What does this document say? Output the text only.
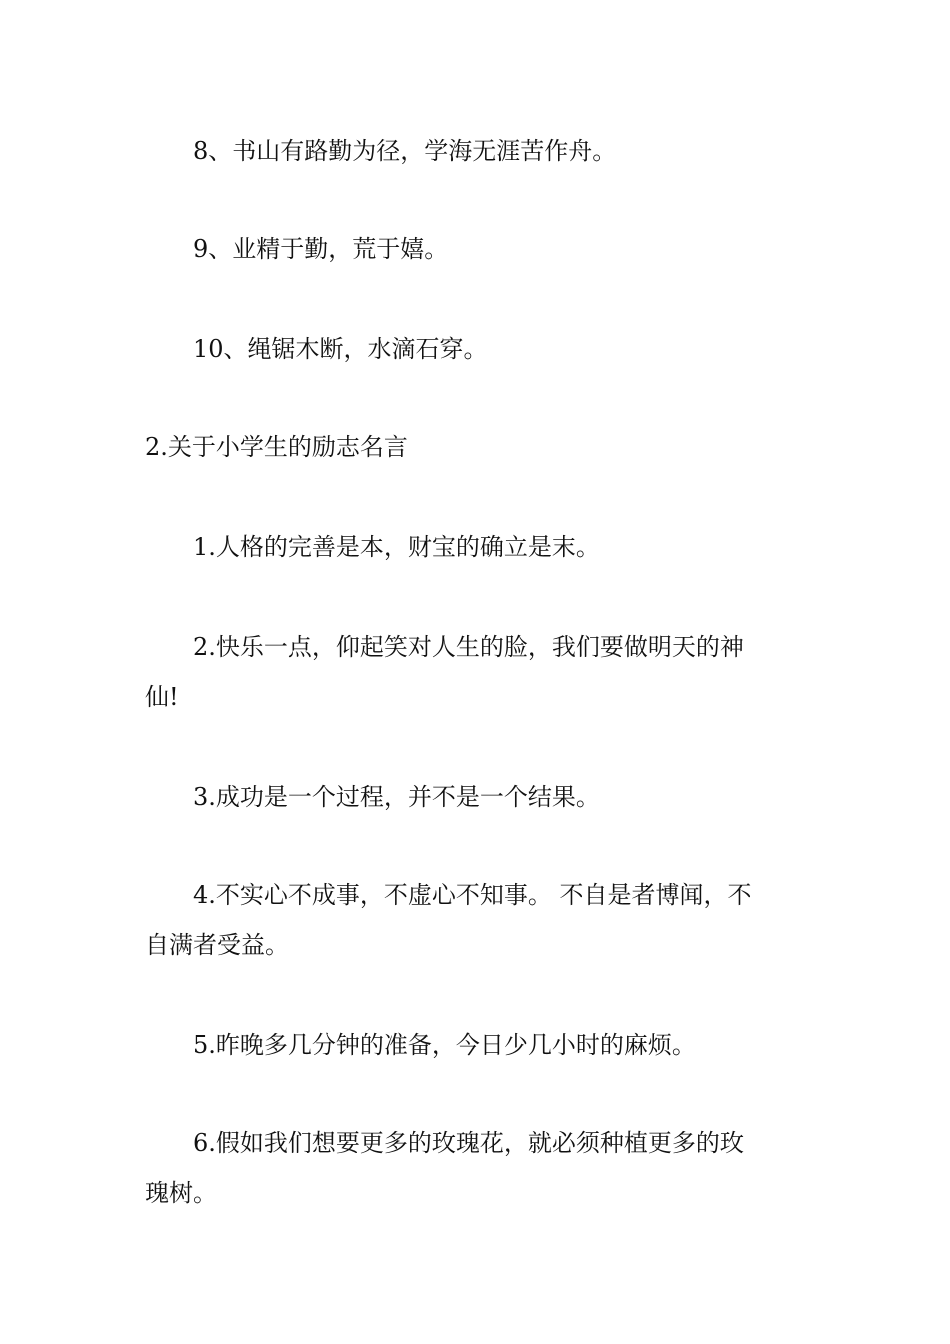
8、书山有路勤为径，学海无涯苦作舟。

9、业精于勤，荒于嬉。

10、绳锯木断，水滴石穿。

2.关于小学生的励志名言

1.人格的完善是本，财宝的确立是末。

2.快乐一点，仰起笑对人生的脸，我们要做明天的神

仙!

3.成功是一个过程，并不是一个结果。

4.不实心不成事，不虚心不知事。 不自是者博闻，不

自满者受益。

5.昨晚多几分钟的准备，今日少几小时的麻烦。

6.假如我们想要更多的玫瑰花，就必须种植更多的玫

瑰树。
